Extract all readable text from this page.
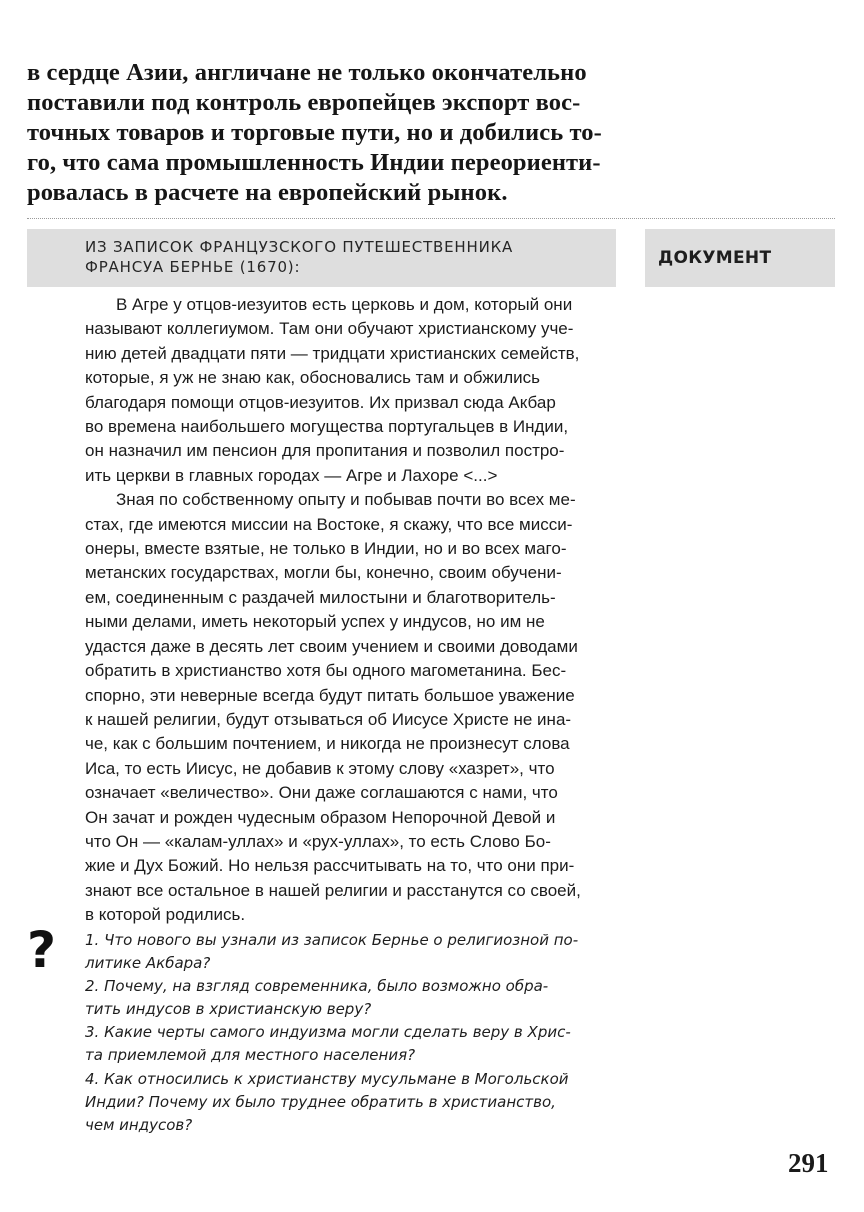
в сердце Азии, англичане не только окончательно
поставили под контроль европейцев экспорт вос-
точных товаров и торговые пути, но и добились то-
го, что сама промышленность Индии переориенти-
ровалась в расчете на европейский рынок.
ИЗ ЗАПИСОК ФРАНЦУЗСКОГО ПУТЕШЕСТВЕННИКА
ФРАНСУА БЕРНЬЕ (1670):	ДОКУМЕНТ
В Агре у отцов-иезуитов есть церковь и дом, который они
называют коллегиумом. Там они обучают христианскому уче-
нию детей двадцати пяти — тридцати христианских семейств,
которые, я уж не знаю как, обосновались там и обжились
благодаря помощи отцов-иезуитов. Их призвал сюда Акбар
во времена наибольшего могущества португальцев в Индии,
он назначил им пенсион для пропитания и позволил постро-
ить церкви в главных городах — Агре и Лахоре <...>
Зная по собственному опыту и побывав почти во всех ме-
стах, где имеются миссии на Востоке, я скажу, что все мисси-
онеры, вместе взятые, не только в Индии, но и во всех маго-
метанских государствах, могли бы, конечно, своим обучени-
ем, соединенным с раздачей милостыни и благотворитель-
ными делами, иметь некоторый успех у индусов, но им не
удастся даже в десять лет своим учением и своими доводами
обратить в христианство хотя бы одного магометанина. Бес-
спорно, эти неверные всегда будут питать большое уважение
к нашей религии, будут отзываться об Иисусе Христе не ина-
че, как с большим почтением, и никогда не произнесут слова
Иса, то есть Иисус, не добавив к этому слову «хазрет», что
означает «величество». Они даже соглашаются с нами, что
Он зачат и рожден чудесным образом Непорочной Девой и
что Он — «калам-уллах» и «рух-уллах», то есть Слово Бо-
жие и Дух Божий. Но нельзя рассчитывать на то, что они при-
знают все остальное в нашей религии и расстанутся со своей,
в которой родились.
? 1. Что нового вы узнали из записок Бернье о религиозной по-
литике Акбара?
2. Почему, на взгляд современника, было возможно обра-
тить индусов в христианскую веру?
3. Какие черты самого индуизма могли сделать веру в Хрис-
та приемлемой для местного населения?
4. Как относились к христианству мусульмане в Могольской
Индии? Почему их было труднее обратить в христианство,
чем индусов?
291
